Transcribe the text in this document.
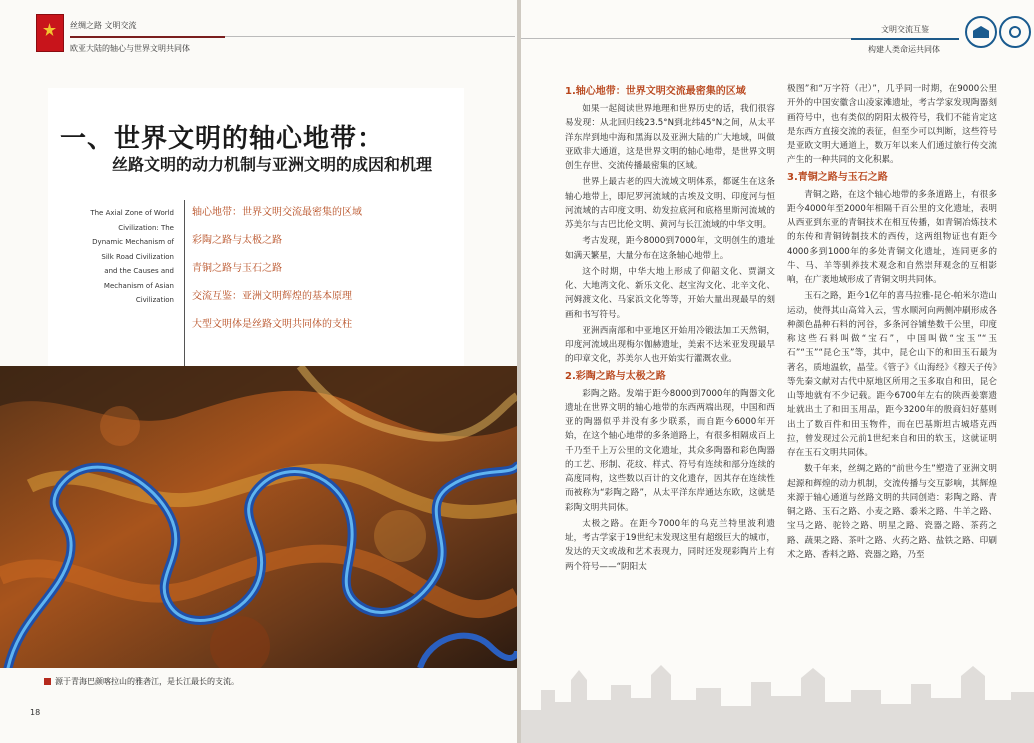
丝绸之路 文明交流
欧亚大陆的轴心与世界文明共同体
一、世界文明的轴心地带：
丝路文明的动力机制与亚洲文明的成因和机理
The Axial Zone of World Civilization: The Dynamic Mechanism of Silk Road Civilization and the Causes and Mechanism of Asian Civilization
轴心地带：世界文明交流最密集的区域
彩陶之路与太极之路
青铜之路与玉石之路
交流互鉴：亚洲文明辉煌的基本原理
大型文明体是丝路文明共同体的支柱
源于青海巴颜喀拉山的雅砻江，是长江最长的支流。
18
文明交流互鉴
构建人类命运共同体
1.轴心地带：世界文明交流最密集的区域

如果一起阅读世界地理和世界历史的话，我们很容易发现：从北回归线23.5°N到北纬45°N之间，从太平洋东岸到地中海和黑海以及亚洲大陆的广大地域，叫做亚欧非大通道，这是世界文明的轴心地带，是世界文明创生存世、交流传播最密集的区域。

世界上最古老的四大流域文明体系，都诞生在这条轴心地带上，即尼罗河流域的古埃及文明、印度河与恒河流域的古印度文明、幼发拉底河和底格里斯河流域的苏美尔与古巴比伦文明、黄河与长江流域的中华文明。

考古发现，距今8000到7000年，文明创生的遗址如满天繁星，大量分布在这条轴心地带上。

这个时期，中华大地上形成了仰韶文化、贾湖文化、大地湾文化、新乐文化、赵宝沟文化、北辛文化、河姆渡文化、马家浜文化等等，开始大量出现最早的刻画和书写符号。

亚洲西南部和中亚地区开始用冷锻法加工天然铜，印度河流域出现梅尔伽赫遗址，美索不达米亚发现最早的印章文化，苏美尔人也开始实行灌溉农业。

2.彩陶之路与太极之路

彩陶之路。发端于距今8000到7000年的陶器文化遗址在世界文明的轴心地带的东西两端出现，中国和西亚的陶器似乎并没有多少联系，而自距今6000年开始，在这个轴心地带的多条道路上，有很多相隔成百上千乃至千上万公里的文化遗址，其众多陶器和彩色陶器的工艺、形制、花纹、样式、符号有连续和部分连续的高度同构，这些数以百计的文化遗存，因其存在连续性而被称为“彩陶之路”，从太平洋东岸通达东欧，这就是彩陶文明共同体。

太极之路。在距今7000年的乌克兰特里波利遗址，考古学家于19世纪末发现这里有超级巨大的城市，发达的天文或战和艺术表现力，同时还发现彩陶片上有两个符号——“阴阳太

极图”和“万字符（卍）”，几乎同一时期，在9000公里开外的中国安徽含山凌家滩遗址，考古学家发现陶器刻画符号中，也有类似的阴阳太极符号，我们不能肯定这是东西方直接交流的表征，但至少可以判断，这些符号是亚欧文明大通道上，数万年以来人们通过旅行传交流产生的一种共同的文化积累。

3.青铜之路与玉石之路

青铜之路，在这个轴心地带的多条道路上，有很多距今4000年至2000年相隔千百公里的文化遗址，表明从西亚到东亚的青铜技术在相互传播，如青铜冶炼技术的东传和青铜铸制技术的西传，这两组物证也有距今4000多到1000年的多处青铜文化遗址，连同更多的牛、马、羊等驯养技术观念和自然崇拜观念的互相影响，在广袤地域形成了青铜文明共同体。

玉石之路，距今1亿年的喜马拉雅-昆仑-帕米尔造山运动，使得其山高耸入云，雪水顺河向两侧冲刷形成各种颜色晶种石料的河谷，多条河谷铺垫数千公里，印度称这些石料叫做“宝石”，中国叫做“宝玉”“玉石”“玉”“昆仑玉”等，其中，昆仑山下的和田玉石最为著名，质地温软，晶莹。《管子》《山海经》《穆天子传》等先秦文献对古代中原地区所用之玉多取自和田，昆仑山等地就有不少记载。距今6700年左右的陕西姜寨遗址就出土了和田玉用品，距今3200年的殷商妇好墓则出土了数百件和田玉物件，而在巴基斯坦古城塔克西拉，曾发现过公元前1世纪来自和田的软玉，这就证明存在玉石文明共同体。

数千年来，丝绸之路的“前世今生”塑造了亚洲文明起源和辉煌的动力机制，交流传播与交互影响，其辉煌来源于轴心通道与丝路文明的共同创造：彩陶之路、青铜之路、玉石之路、小麦之路、黍米之路、牛羊之路、宝马之路、驼铃之路、明星之路、瓷器之路、茶药之路、蔬果之路、茶叶之路、火药之路、盐铁之路、印刷术之路、香料之路、瓷器之路，乃至
